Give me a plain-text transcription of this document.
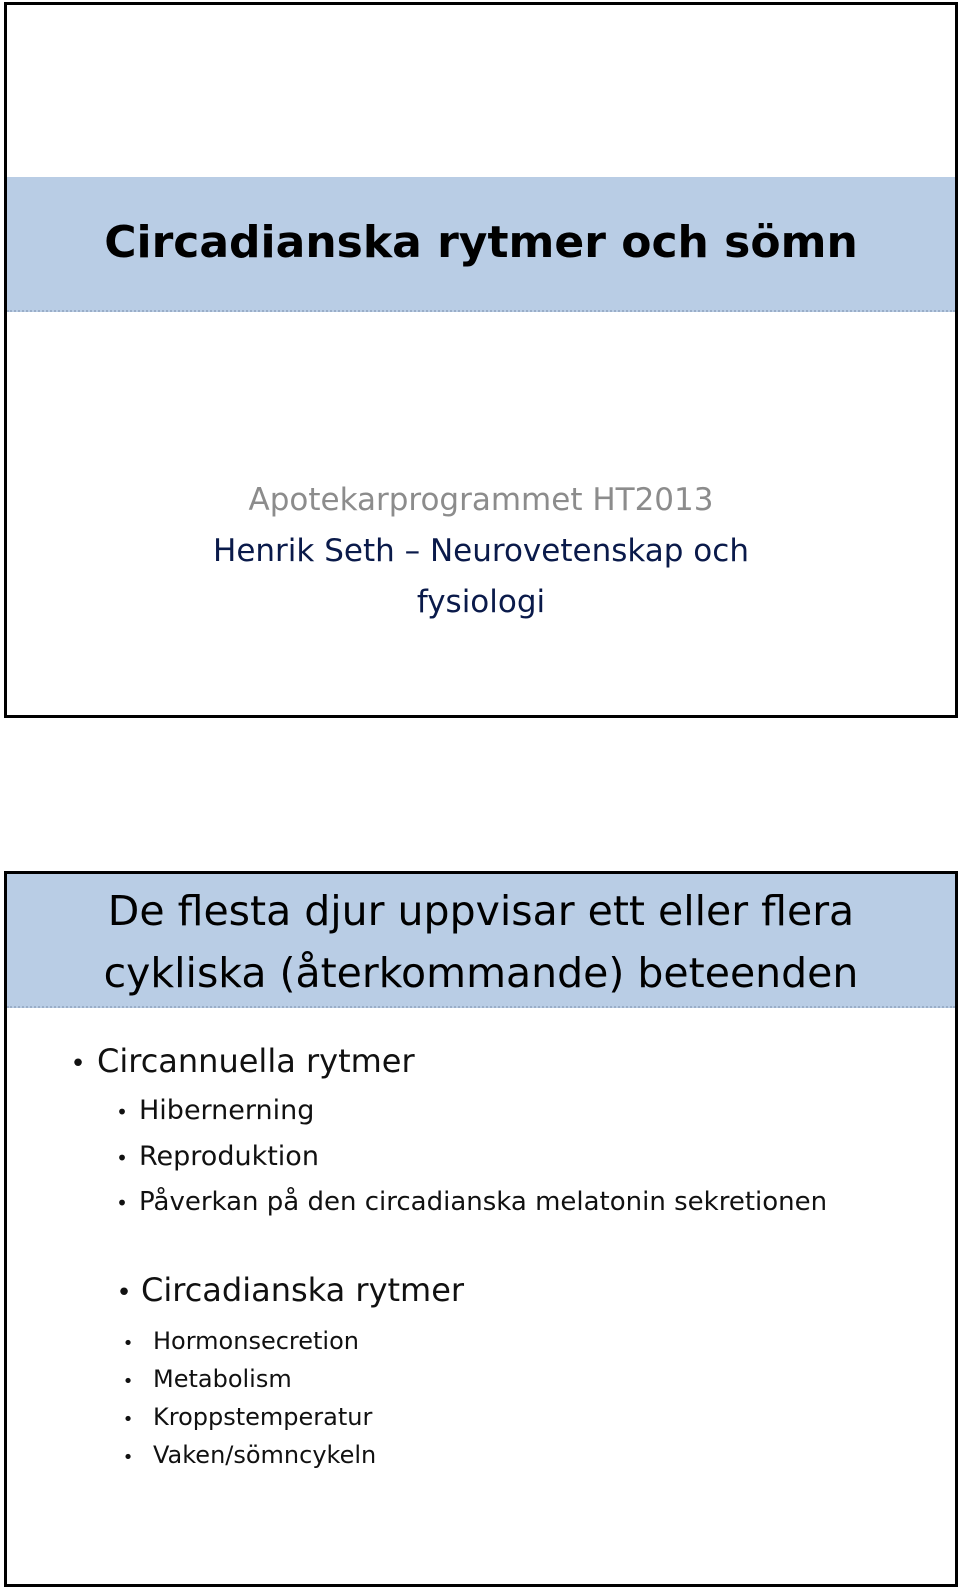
Circadianska rytmer och sömn
Apotekarprogrammet HT2013
Henrik Seth – Neurovetenskap och
fysiologi
De flesta djur uppvisar ett eller flera
cykliska (återkommande) beteenden
• Circannuella rytmer
• Hibernerning
• Reproduktion
• Påverkan på den circadianska melatonin sekretionen
• Circadianska rytmer
• Hormonsecretion
• Metabolism
• Kroppstemperatur
• Vaken/sömncykeln
